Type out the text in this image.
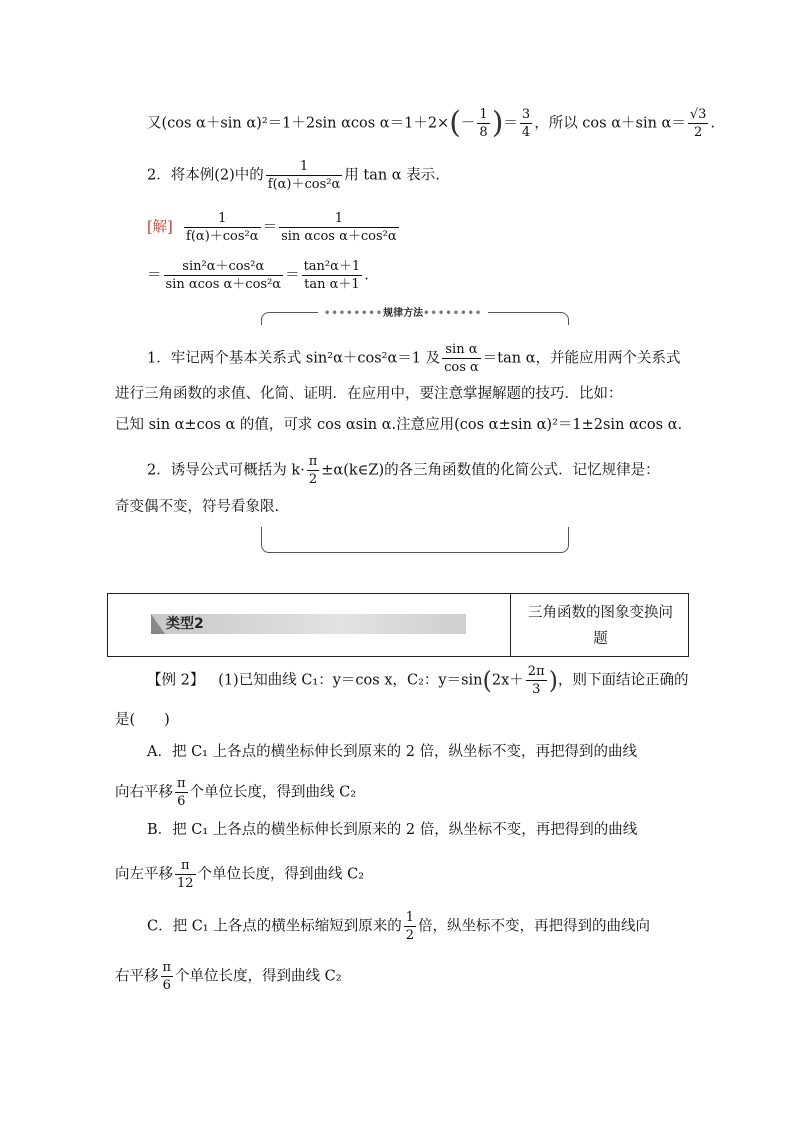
又(cos α＋sin α)²＝1＋2sin αcos $\alpha=1+2\times(- \frac{1}{8}$ )＝ $\frac{3}{4}$ ，所以 cos α＋sin $\alpha= \frac{√3}{2}$ .
2．将本例(2)中的 $\frac{1}{\text{f(α)＋cos²α}}$ 用 tan α 表示.
[解] $\frac{1}{\text{f(α)＋cos²α}} = \frac{1}{\text{sin αcos α＋cos²α}}$
＝ $\frac{\text{sin²α＋cos²α}}{\text{sin αcos α＋cos²α}} = \frac{\text{tan²α＋1}}{\text{tan α＋1}}$ .
••••••••规律方法••••••••
1．牢记两个基本关系式 sin²α＋cos²α＝1 及 $\frac{\text{sin α}}{\text{cos α}} =\tan$ α，并能应用两个关系式
进行三角函数的求值、化简、证明．在应用中，要注意掌握解题的技巧．比如：
已知 sin α±cos α 的值，可求 cos αsin α.注意应用(cos α±sin α)²＝1±2sin αcos α.
2．诱导公式可概括为 $k\cdot \frac{\pi}{2}$ ±α(k∈Z)的各三角函数值的化简公式．记忆规律是：
奇变偶不变，符号看象限.
类型2
三角函数的图象变换问
题
【例 2】 (1)已知曲线 C₁：y＝cos x，C₂：$y=\sin(2x+ \frac{2\pi}{3}$ )，则下面结论正确的
是(　　)
A．把 C₁ 上各点的横坐标伸长到原来的 2 倍，纵坐标不变，再把得到的曲线
向右平移 $\frac{\pi}{6}$ 个单位长度，得到曲线 C₂
B．把 C₁ 上各点的横坐标伸长到原来的 2 倍，纵坐标不变，再把得到的曲线
向左平移 $\frac{\pi}{12}$ 个单位长度，得到曲线 C₂
C．把 C₁ 上各点的横坐标缩短到原来的 $\frac{1}{2}$ 倍，纵坐标不变，再把得到的曲线向
右平移 $\frac{\pi}{6}$ 个单位长度，得到曲线 C₂
